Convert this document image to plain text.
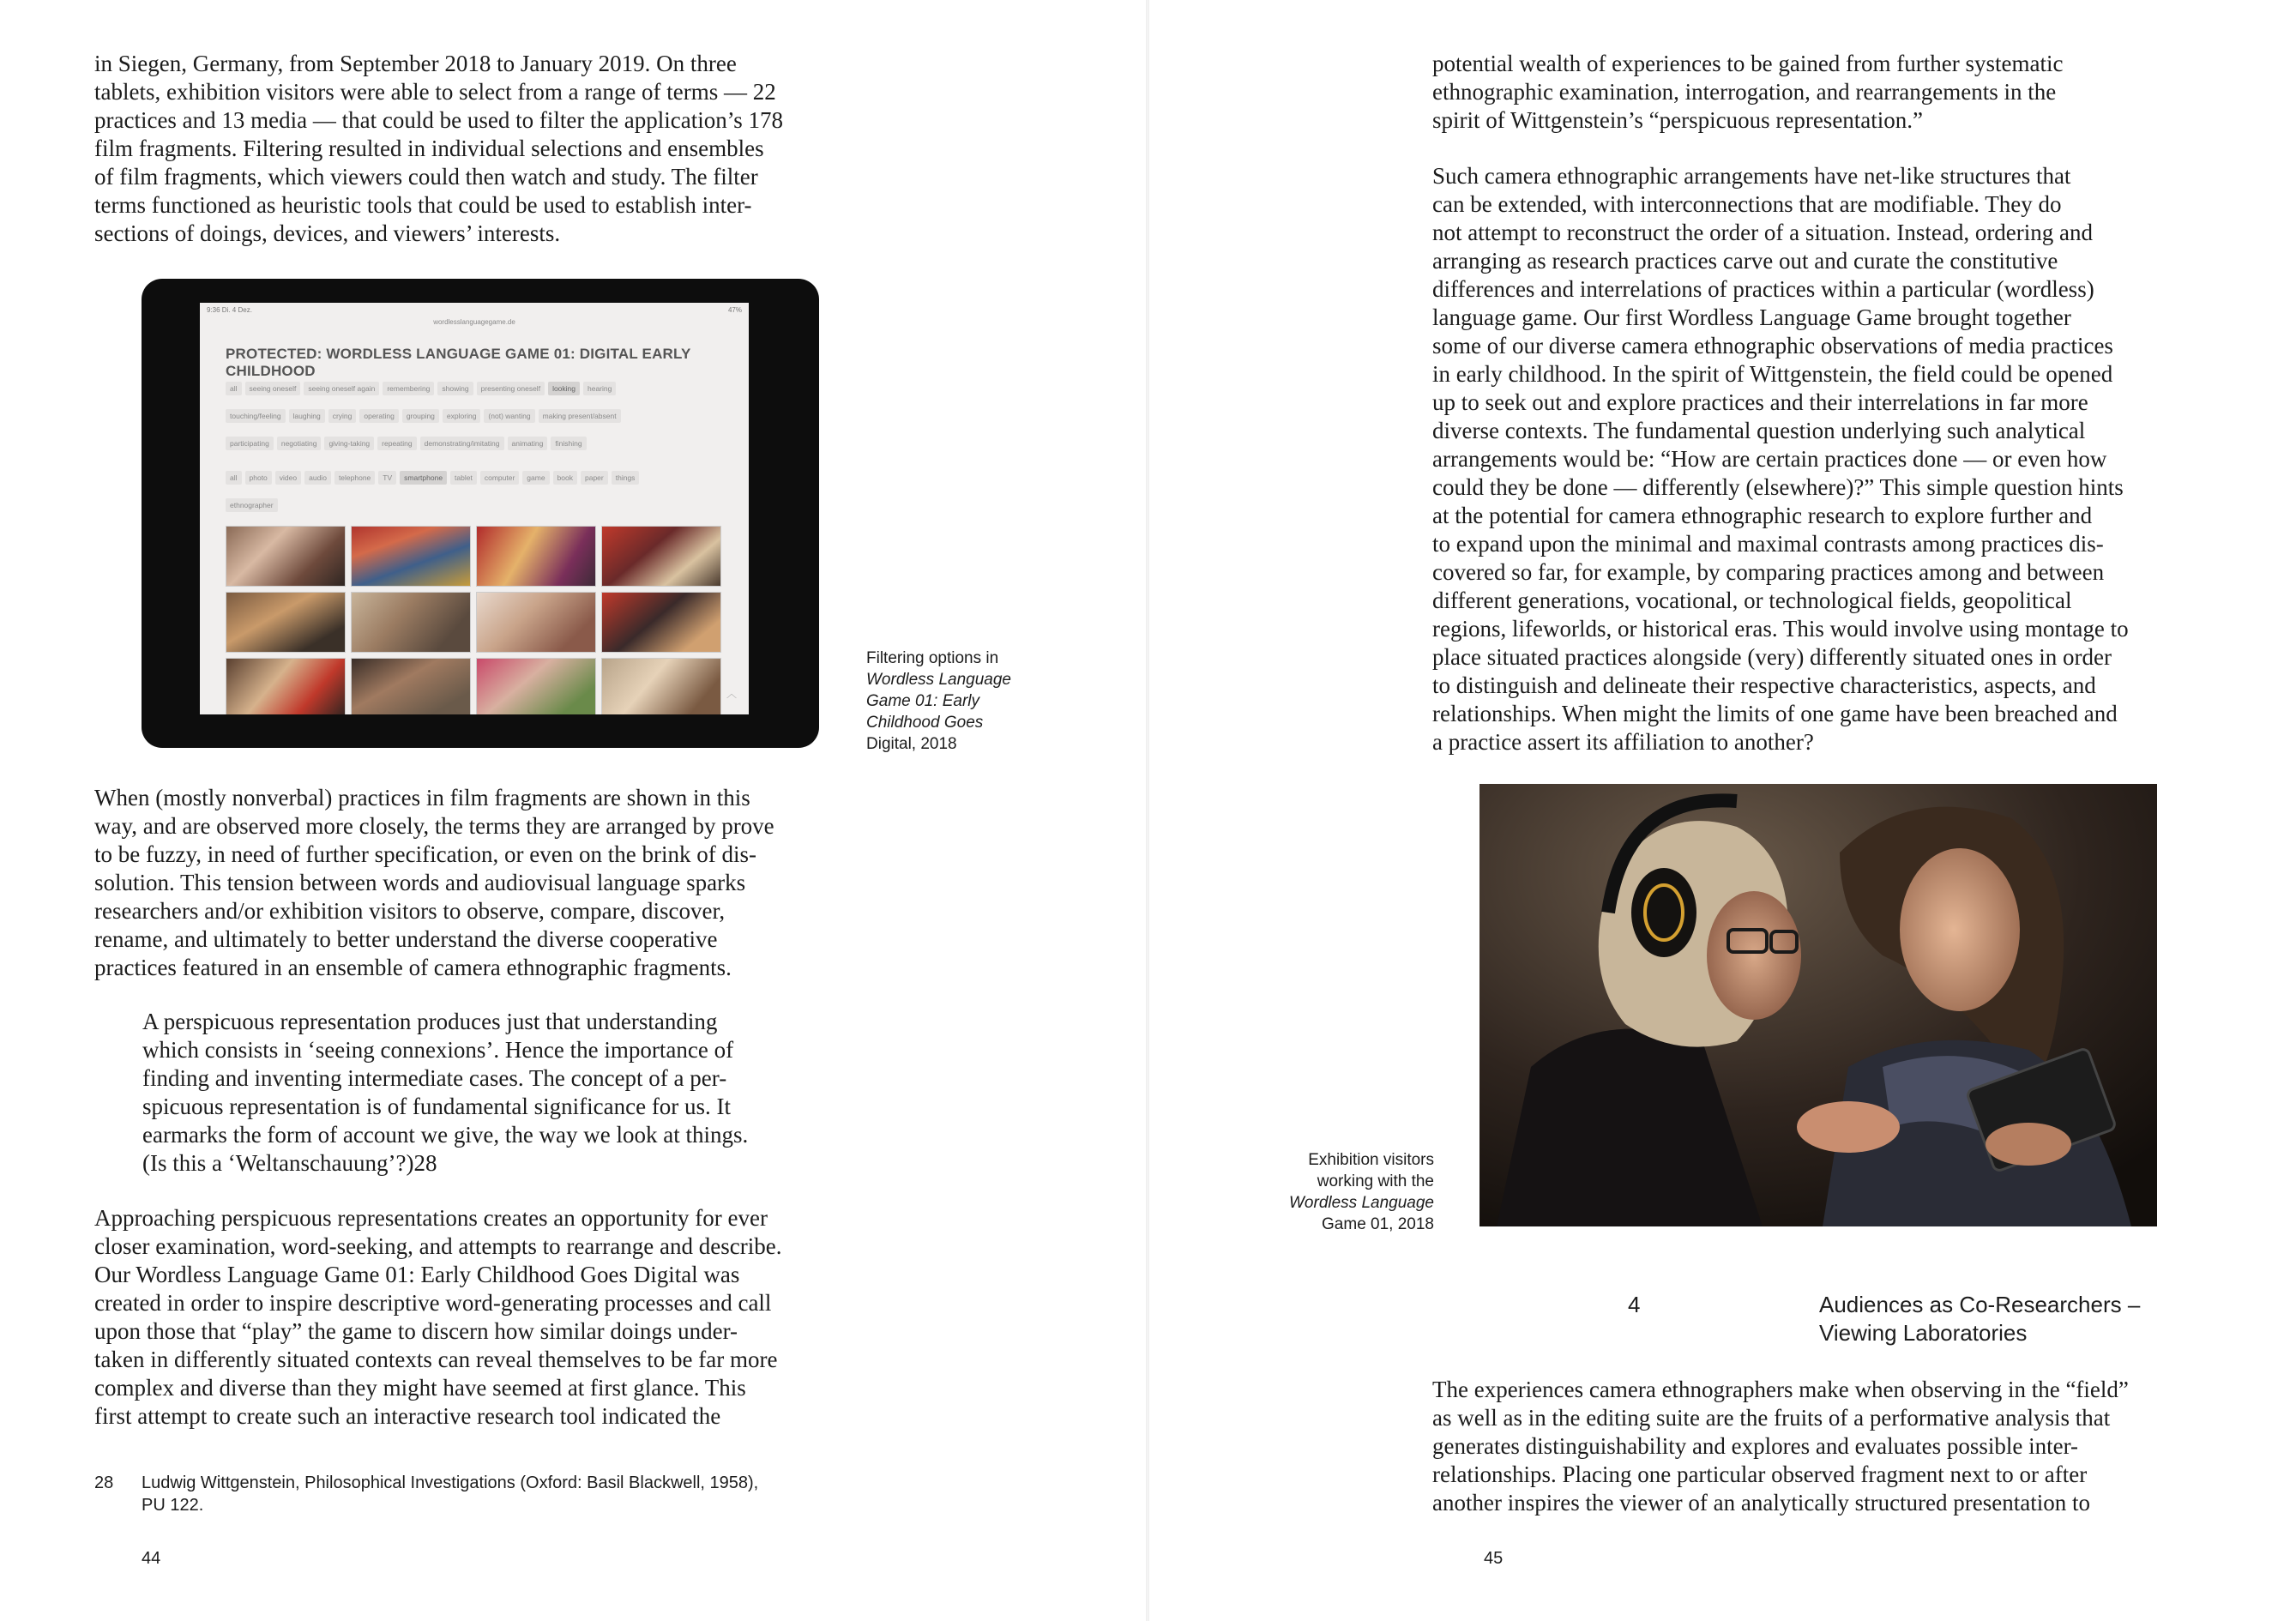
in Siegen, Germany, from September 2018 to January 2019. On three
tablets, exhibition visitors were able to select from a range of terms — 22
practices and 13 media — that could be used to filter the application’s 178
film fragments. Filtering resulted in individual selections and ensembles
of film fragments, which viewers could then watch and study. The filter
terms functioned as heuristic tools that could be used to establish inter-
sections of doings, devices, and viewers’ interests.
9:36 Di. 4 Dez.	47%
wordlesslanguagegame.de
PROTECTED: WORDLESS LANGUAGE GAME 01: DIGITAL EARLY CHILDHOOD
all	seeing oneself	seeing oneself again	remembering	showing	presenting oneself	looking	hearing
touching/feeling	laughing	crying	operating	grouping	exploring	(not) wanting	making present/absent
participating	negotiating	giving-taking	repeating	demonstrating/imitating	animating	finishing
all	photo	video	audio	telephone	TV	smartphone	tablet	computer	game	book	paper	things
ethnographer
︿
Filtering options in
Wordless Language
Game 01: Early
Childhood Goes
Digital, 2018
When (mostly nonverbal) practices in film fragments are shown in this
way, and are observed more closely, the terms they are arranged by prove
to be fuzzy, in need of further specification, or even on the brink of dis-
solution. This tension between words and audiovisual language sparks
researchers and/or exhibition visitors to observe, compare, discover,
rename, and ultimately to better understand the diverse cooperative
practices featured in an ensemble of camera ethnographic fragments.
A perspicuous representation produces just that understanding
which consists in ‘seeing connexions’. Hence the importance of
finding and inventing intermediate cases. The concept of a per-
spicuous representation is of fundamental significance for us. It
earmarks the form of account we give, the way we look at things.
(Is this a ‘Weltanschauung’?)28
Approaching perspicuous representations creates an opportunity for ever
closer examination, word-seeking, and attempts to rearrange and describe.
Our Wordless Language Game 01: Early Childhood Goes Digital was
created in order to inspire descriptive word-generating processes and call
upon those that “play” the game to discern how similar doings under-
taken in differently situated contexts can reveal themselves to be far more
complex and diverse than they might have seemed at first glance. This
first attempt to create such an interactive research tool indicated the
28	Ludwig Wittgenstein, Philosophical Investigations (Oxford: Basil Blackwell, 1958),
PU 122.
44
potential wealth of experiences to be gained from further systematic
ethnographic examination, interrogation, and rearrangements in the
spirit of Wittgenstein’s “perspicuous representation.”
Such camera ethnographic arrangements have net-like structures that
can be extended, with interconnections that are modifiable. They do
not attempt to reconstruct the order of a situation. Instead, ordering and
arranging as research practices carve out and curate the constitutive
differences and interrelations of practices within a particular (wordless)
language game. Our first Wordless Language Game brought together
some of our diverse camera ethnographic observations of media practices
in early childhood. In the spirit of Wittgenstein, the field could be opened
up to seek out and explore practices and their interrelations in far more
diverse contexts. The fundamental question underlying such analytical
arrangements would be: “How are certain practices done — or even how
could they be done — differently (elsewhere)?” This simple question hints
at the potential for camera ethnographic research to explore further and
to expand upon the minimal and maximal contrasts among practices dis-
covered so far, for example, by comparing practices among and between
different generations, vocational, or technological fields, geopolitical
regions, lifeworlds, or historical eras. This would involve using montage to
place situated practices alongside (very) differently situated ones in order
to distinguish and delineate their respective characteristics, aspects, and
relationships. When might the limits of one game have been breached and
a practice assert its affiliation to another?
Exhibition visitors
working with the
Wordless Language
Game 01, 2018
4	Audiences as Co-Researchers –
Viewing Laboratories
The experiences camera ethnographers make when observing in the “field”
as well as in the editing suite are the fruits of a performative analysis that
generates distinguishability and explores and evaluates possible inter-
relationships. Placing one particular observed fragment next to or after
another inspires the viewer of an analytically structured presentation to
45
